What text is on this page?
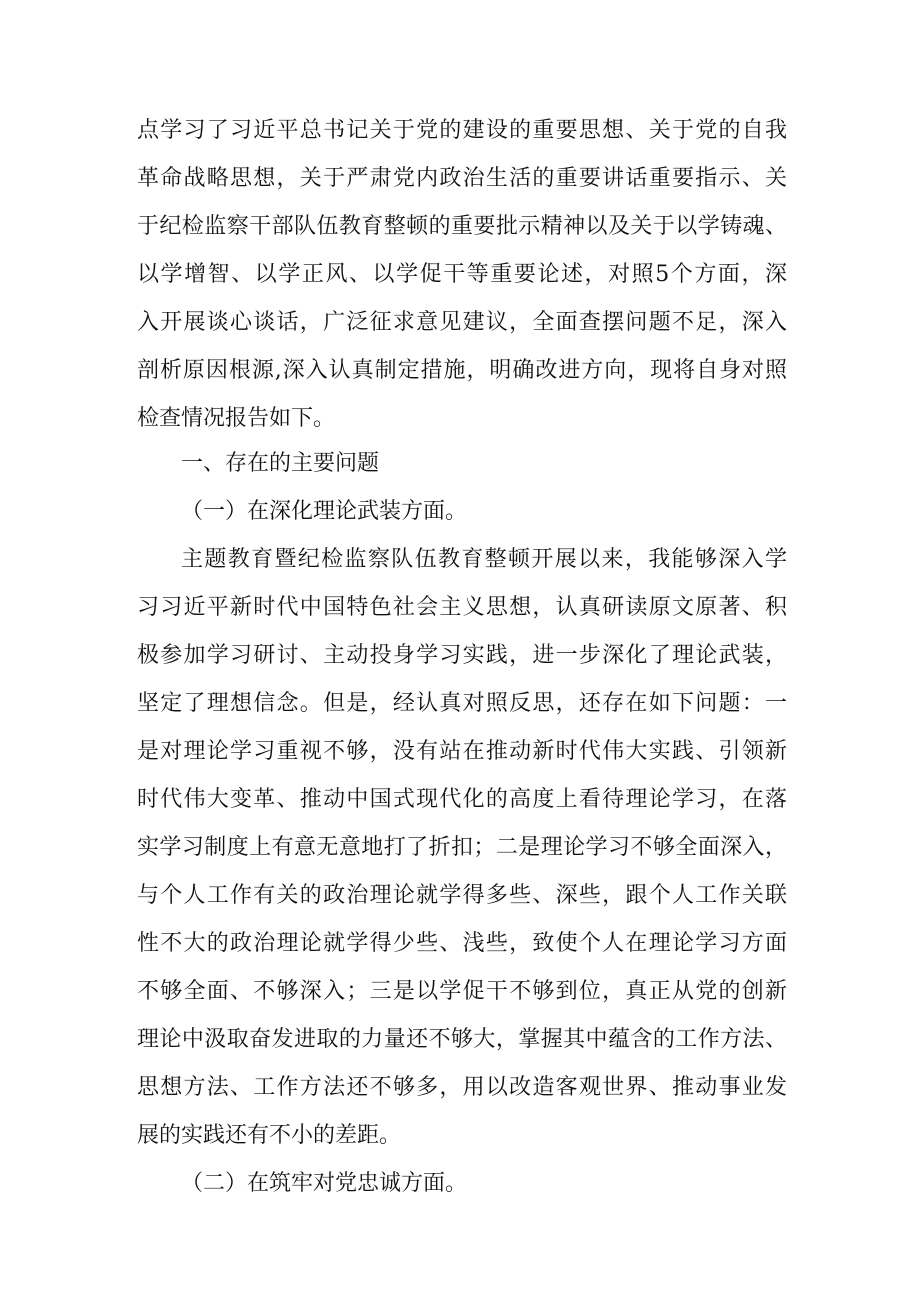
点学习了习近平总书记关于党的建设的重要思想、关于党的自我
革命战略思想，关于严肃党内政治生活的重要讲话重要指示、关
于纪检监察干部队伍教育整顿的重要批示精神以及关于以学铸魂、
以学增智、以学正风、以学促干等重要论述，对照5个方面，深
入开展谈心谈话，广泛征求意见建议，全面查摆问题不足，深入
剖析原因根源,深入认真制定措施，明确改进方向，现将自身对照
检查情况报告如下。
一、存在的主要问题
（一）在深化理论武装方面。
主题教育暨纪检监察队伍教育整顿开展以来，我能够深入学
习习近平新时代中国特色社会主义思想，认真研读原文原著、积
极参加学习研讨、主动投身学习实践，进一步深化了理论武装，
坚定了理想信念。但是，经认真对照反思，还存在如下问题：一
是对理论学习重视不够，没有站在推动新时代伟大实践、引领新
时代伟大变革、推动中国式现代化的高度上看待理论学习，在落
实学习制度上有意无意地打了折扣；二是理论学习不够全面深入，
与个人工作有关的政治理论就学得多些、深些，跟个人工作关联
性不大的政治理论就学得少些、浅些，致使个人在理论学习方面
不够全面、不够深入；三是以学促干不够到位，真正从党的创新
理论中汲取奋发进取的力量还不够大，掌握其中蕴含的工作方法、
思想方法、工作方法还不够多，用以改造客观世界、推动事业发
展的实践还有不小的差距。
（二）在筑牢对党忠诚方面。
